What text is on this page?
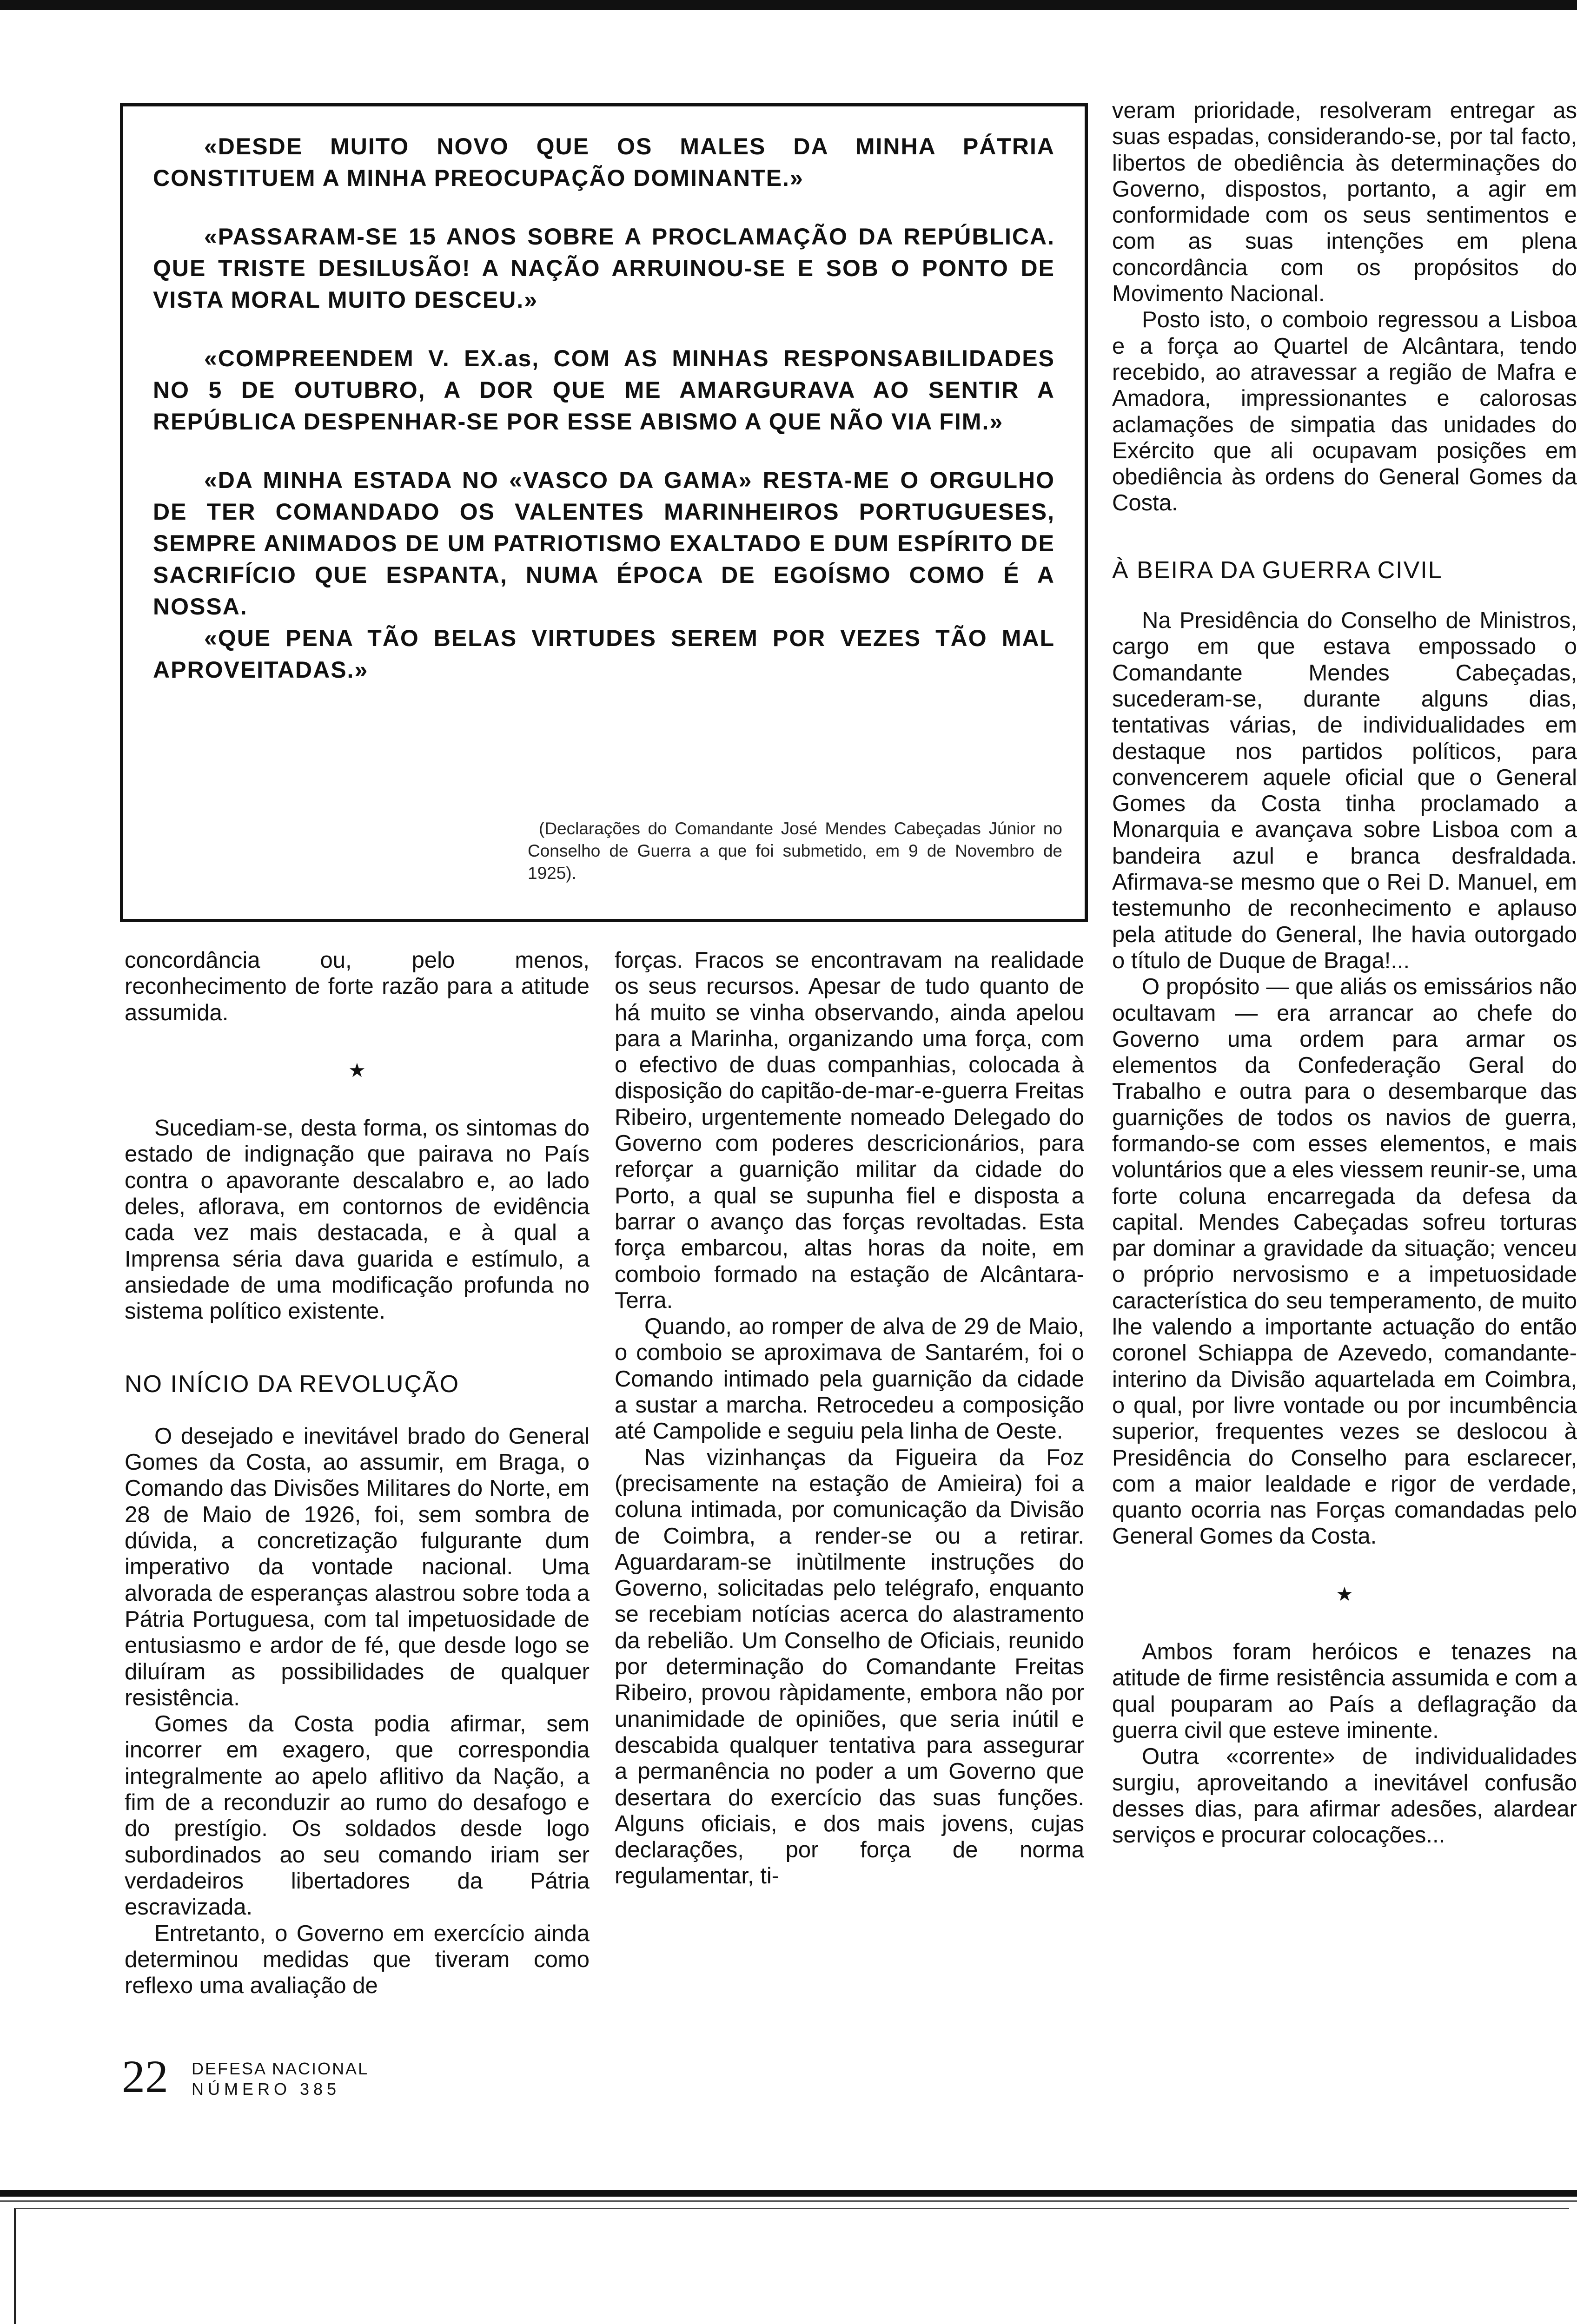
«DESDE MUITO NOVO QUE OS MALES DA MINHA PÁTRIA CONSTITUEM A MINHA PREOCUPAÇÃO DOMINANTE.»

«PASSARAM-SE 15 ANOS SOBRE A PROCLAMAÇÃO DA REPÚBLICA. QUE TRISTE DESILUSÃO! A NAÇÃO ARRUINOU-SE E SOB O PONTO DE VISTA MORAL MUITO DESCEU.»

«COMPREENDEM V. EX.as, COM AS MINHAS RESPONSABILIDADES NO 5 DE OUTUBRO, A DOR QUE ME AMARGURAVA AO SENTIR A REPÚBLICA DESPENHAR-SE POR ESSE ABISMO A QUE NÃO VIA FIM.»

«DA MINHA ESTADA NO «VASCO DA GAMA» RESTA-ME O ORGULHO DE TER COMANDADO OS VALENTES MARINHEIROS PORTUGUESES, SEMPRE ANIMADOS DE UM PATRIOTISMO EXALTADO E DUM ESPÍRITO DE SACRIFÍCIO QUE ESPANTA, NUMA ÉPOCA DE EGOÍSMO COMO É A NOSSA.

«QUE PENA TÃO BELAS VIRTUDES SEREM POR VEZES TÃO MAL APROVEITADAS.»

(Declarações do Comandante José Mendes Cabeçadas Júnior no Conselho de Guerra a que foi submetido, em 9 de Novembro de 1925).

concordância ou, pelo menos, reconhecimento de forte razão para a atitude assumida.

★

Sucediam-se, desta forma, os sintomas do estado de indignação que pairava no País contra o apavorante descalabro e, ao lado deles, aflorava, em contornos de evidência cada vez mais destacada, e à qual a Imprensa séria dava guarida e estímulo, a ansiedade de uma modificação profunda no sistema político existente.

NO INÍCIO DA REVOLUÇÃO

O desejado e inevitável brado do General Gomes da Costa, ao assumir, em Braga, o Comando das Divisões Militares do Norte, em 28 de Maio de 1926, foi, sem sombra de dúvida, a concretização fulgurante dum imperativo da vontade nacional. Uma alvorada de esperanças alastrou sobre toda a Pátria Portuguesa, com tal impetuosidade de entusiasmo e ardor de fé, que desde logo se diluíram as possibilidades de qualquer resistência.

Gomes da Costa podia afirmar, sem incorrer em exagero, que correspondia integralmente ao apelo aflitivo da Nação, a fim de a reconduzir ao rumo do desafogo e do prestígio. Os soldados desde logo subordinados ao seu comando iriam ser verdadeiros libertadores da Pátria escravizada.

Entretanto, o Governo em exercício ainda determinou medidas que tiveram como reflexo uma avaliação de

forças. Fracos se encontravam na realidade os seus recursos. Apesar de tudo quanto de há muito se vinha observando, ainda apelou para a Marinha, organizando uma força, com o efectivo de duas companhias, colocada à disposição do capitão-de-mar-e-guerra Freitas Ribeiro, urgentemente nomeado Delegado do Governo com poderes descricionários, para reforçar a guarnição militar da cidade do Porto, a qual se supunha fiel e disposta a barrar o avanço das forças revoltadas. Esta força embarcou, altas horas da noite, em comboio formado na estação de Alcântara-Terra.

Quando, ao romper de alva de 29 de Maio, o comboio se aproximava de Santarém, foi o Comando intimado pela guarnição da cidade a sustar a marcha. Retrocedeu a composição até Campolide e seguiu pela linha de Oeste.

Nas vizinhanças da Figueira da Foz (precisamente na estação de Amieira) foi a coluna intimada, por comunicação da Divisão de Coimbra, a render-se ou a retirar. Aguardaram-se inùtilmente instruções do Governo, solicitadas pelo telégrafo, enquanto se recebiam notícias acerca do alastramento da rebelião. Um Conselho de Oficiais, reunido por determinação do Comandante Freitas Ribeiro, provou ràpidamente, embora não por unanimidade de opiniões, que seria inútil e descabida qualquer tentativa para assegurar a permanência no poder a um Governo que desertara do exercício das suas funções. Alguns oficiais, e dos mais jovens, cujas declarações, por força de norma regulamentar, ti-

veram prioridade, resolveram entregar as suas espadas, considerando-se, por tal facto, libertos de obediência às determinações do Governo, dispostos, portanto, a agir em conformidade com os seus sentimentos e com as suas intenções em plena concordância com os propósitos do Movimento Nacional.

Posto isto, o comboio regressou a Lisboa e a força ao Quartel de Alcântara, tendo recebido, ao atravessar a região de Mafra e Amadora, impressionantes e calorosas aclamações de simpatia das unidades do Exército que ali ocupavam posições em obediência às ordens do General Gomes da Costa.

À BEIRA DA GUERRA CIVIL

Na Presidência do Conselho de Ministros, cargo em que estava empossado o Comandante Mendes Cabeçadas, sucederam-se, durante alguns dias, tentativas várias, de individualidades em destaque nos partidos políticos, para convencerem aquele oficial que o General Gomes da Costa tinha proclamado a Monarquia e avançava sobre Lisboa com a bandeira azul e branca desfraldada. Afirmava-se mesmo que o Rei D. Manuel, em testemunho de reconhecimento e aplauso pela atitude do General, lhe havia outorgado o título de Duque de Braga!...

O propósito — que aliás os emissários não ocultavam — era arrancar ao chefe do Governo uma ordem para armar os elementos da Confederação Geral do Trabalho e outra para o desembarque das guarnições de todos os navios de guerra, formando-se com esses elementos, e mais voluntários que a eles viessem reunir-se, uma forte coluna encarregada da defesa da capital. Mendes Cabeçadas sofreu torturas par dominar a gravidade da situação; venceu o próprio nervosismo e a impetuosidade característica do seu temperamento, de muito lhe valendo a importante actuação do então coronel Schiappa de Azevedo, comandante-interino da Divisão aquartelada em Coimbra, o qual, por livre vontade ou por incumbência superior, frequentes vezes se deslocou à Presidência do Conselho para esclarecer, com a maior lealdade e rigor de verdade, quanto ocorria nas Forças comandadas pelo General Gomes da Costa.

★

Ambos foram heróicos e tenazes na atitude de firme resistência assumida e com a qual pouparam ao País a deflagração da guerra civil que esteve iminente.

Outra «corrente» de individualidades surgiu, aproveitando a inevitável confusão desses dias, para afirmar adesões, alardear serviços e procurar colocações...

22 DEFESA NACIONAL
NÚMERO 385
